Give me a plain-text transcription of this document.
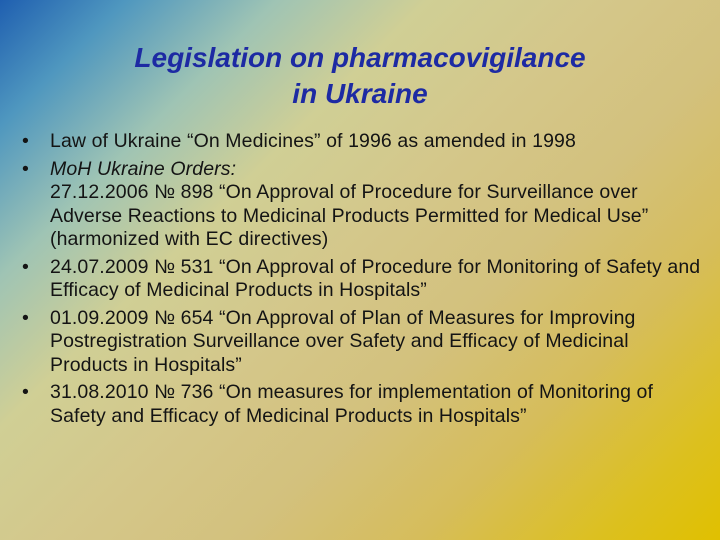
Legislation on pharmacovigilance
in Ukraine
• Law of Ukraine “On Medicines” of 1996 as amended in 1998
• MoH Ukraine Orders:
27.12.2006 № 898 “On Approval of Procedure for Surveillance over Adverse Reactions to Medicinal Products Permitted for Medical Use” (harmonized with EC directives)
• 24.07.2009 № 531 “On Approval of Procedure for Monitoring of Safety and Efficacy of Medicinal Products in Hospitals”
• 01.09.2009 № 654 “On Approval of Plan of Measures for Improving Postregistration Surveillance over Safety and Efficacy of Medicinal Products in Hospitals”
• 31.08.2010 № 736 “On measures for implementation of Monitoring of Safety and Efficacy of Medicinal Products in Hospitals”
